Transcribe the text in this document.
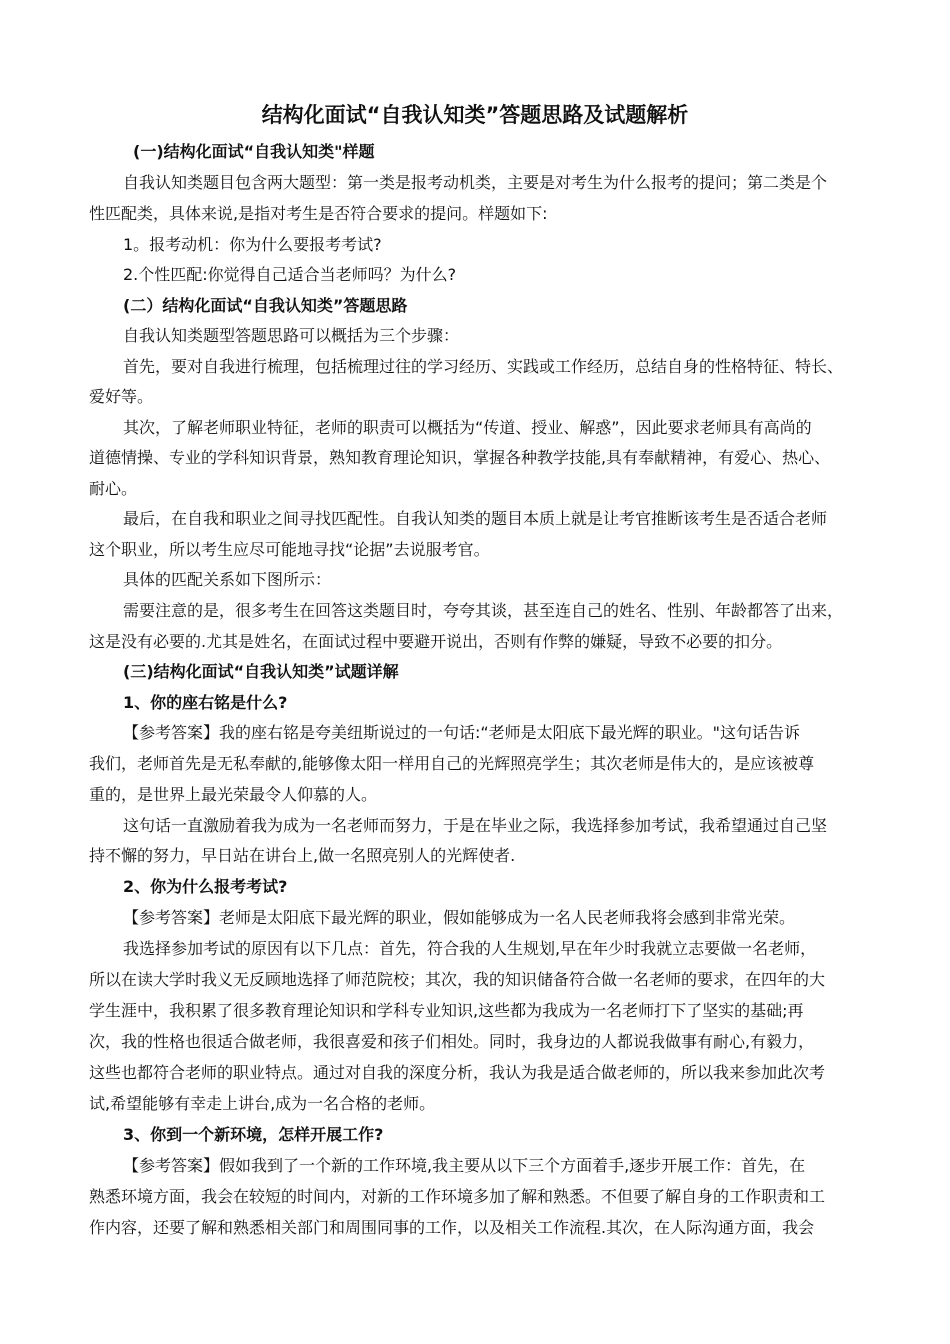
结构化面试“自我认知类”答题思路及试题解析
(一)结构化面试“自我认知类"样题
自我认知类题目包含两大题型：第一类是报考动机类，主要是对考生为什么报考的提问；第二类是个
性匹配类，具体来说,是指对考生是否符合要求的提问。样题如下:
1。报考动机：你为什么要报考考试?
2.个性匹配:你觉得自己适合当老师吗？为什么?
(二）结构化面试“自我认知类”答题思路
自我认知类题型答题思路可以概括为三个步骤：
首先，要对自我进行梳理，包括梳理过往的学习经历、实践或工作经历，总结自身的性格特征、特长、
爱好等。
其次，了解老师职业特征，老师的职责可以概括为“传道、授业、解惑”，因此要求老师具有高尚的
道德情操、专业的学科知识背景，熟知教育理论知识，掌握各种教学技能,具有奉献精神，有爱心、热心、
耐心。
最后，在自我和职业之间寻找匹配性。自我认知类的题目本质上就是让考官推断该考生是否适合老师
这个职业，所以考生应尽可能地寻找“论据”去说服考官。
具体的匹配关系如下图所示：
需要注意的是，很多考生在回答这类题目时，夸夸其谈，甚至连自己的姓名、性别、年龄都答了出来，
这是没有必要的.尤其是姓名，在面试过程中要避开说出，否则有作弊的嫌疑，导致不必要的扣分。
(三)结构化面试“自我认知类”试题详解
1、你的座右铭是什么?
【参考答案】我的座右铭是夸美纽斯说过的一句话:“老师是太阳底下最光辉的职业。"这句话告诉
我们，老师首先是无私奉献的,能够像太阳一样用自己的光辉照亮学生；其次老师是伟大的，是应该被尊
重的，是世界上最光荣最令人仰慕的人。
这句话一直激励着我为成为一名老师而努力，于是在毕业之际，我选择参加考试，我希望通过自己坚
持不懈的努力，早日站在讲台上,做一名照亮别人的光辉使者.
2、你为什么报考考试?
【参考答案】老师是太阳底下最光辉的职业，假如能够成为一名人民老师我将会感到非常光荣。
我选择参加考试的原因有以下几点：首先，符合我的人生规划,早在年少时我就立志要做一名老师，
所以在读大学时我义无反顾地选择了师范院校；其次，我的知识储备符合做一名老师的要求，在四年的大
学生涯中，我积累了很多教育理论知识和学科专业知识,这些都为我成为一名老师打下了坚实的基础;再
次，我的性格也很适合做老师，我很喜爱和孩子们相处。同时，我身边的人都说我做事有耐心,有毅力，
这些也都符合老师的职业特点。通过对自我的深度分析，我认为我是适合做老师的，所以我来参加此次考
试,希望能够有幸走上讲台,成为一名合格的老师。
3、你到一个新环境，怎样开展工作?
【参考答案】假如我到了一个新的工作环境,我主要从以下三个方面着手,逐步开展工作：首先，在
熟悉环境方面，我会在较短的时间内，对新的工作环境多加了解和熟悉。不但要了解自身的工作职责和工
作内容，还要了解和熟悉相关部门和周围同事的工作，以及相关工作流程.其次，在人际沟通方面，我会
